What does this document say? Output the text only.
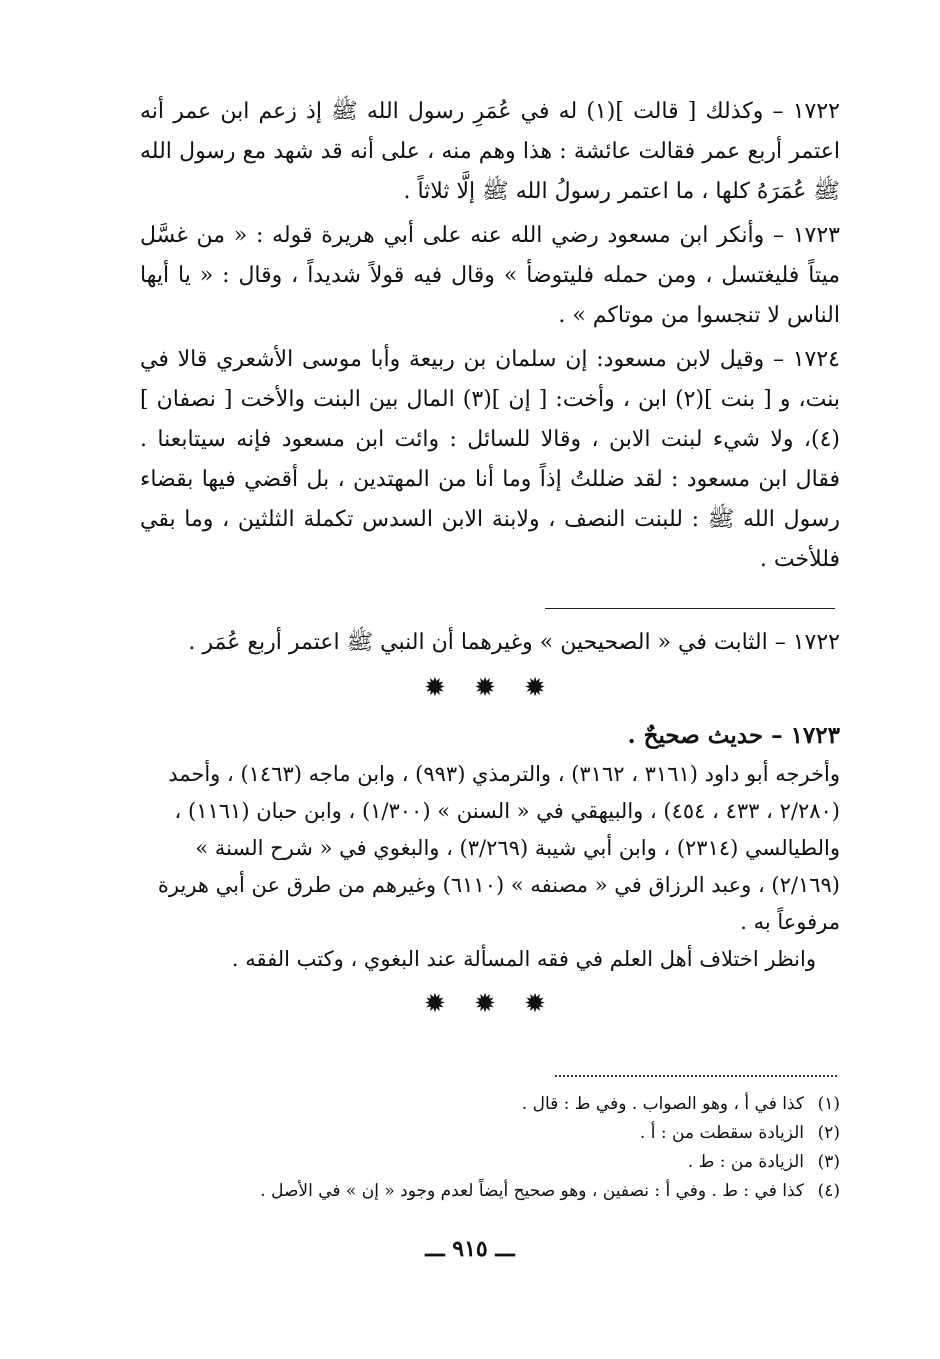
١٧٢٢ – وكذلك [ قالت ](١) له في عُمَرِ رسول الله ﷺ إذ زعم ابن عمر أنه اعتمر أربع عمر فقالت عائشة : هذا وهم منه ، على أنه قد شهد مع رسول الله ﷺ عُمَرَهُ كلها ، ما اعتمر رسولُ الله ﷺ إلَّا ثلاثاً .

١٧٢٣ – وأنكر ابن مسعود رضي الله عنه على أبي هريرة قوله : « من غسَّل ميتاً فليغتسل ، ومن حمله فليتوضأ » وقال فيه قولاً شديداً ، وقال : « يا أيها الناس لا تنجسوا من موتاكم » .

١٧٢٤ – وقيل لابن مسعود: إن سلمان بن ربيعة وأبا موسى الأشعري قالا في بنت، و [ بنت ](٢) ابن ، وأخت: [ إن ](٣) المال بين البنت والأخت [ نصفان ](٤)، ولا شيء لبنت الابن ، وقالا للسائل : وائت ابن مسعود فإنه سيتابعنا . فقال ابن مسعود : لقد ضللتُ إذاً وما أنا من المهتدين ، بل أقضي فيها بقضاء رسول الله ﷺ : للبنت النصف ، ولابنة الابن السدس تكملة الثلثين ، وما بقي فللأخت .

١٧٢٢ – الثابت في « الصحيحين » وغيرهما أن النبي ﷺ اعتمر أربع عُمَر .

✹ ✹ ✹
١٧٢٣ – حديث صحيحٌ .

وأخرجه أبو داود (٣١٦١ ، ٣١٦٢) ، والترمذي (٩٩٣) ، وابن ماجه (١٤٦٣) ، وأحمد (٢/٢٨٠ ، ٤٣٣ ، ٤٥٤) ، والبيهقي في « السنن » (١/٣٠٠) ، وابن حبان (١١٦١) ، والطيالسي (٢٣١٤) ، وابن أبي شيبة (٣/٢٦٩) ، والبغوي في « شرح السنة » (٢/١٦٩) ، وعبد الرزاق في « مصنفه » (٦١١٠) وغيرهم من طرق عن أبي هريرة مرفوعاً به .

وانظر اختلاف أهل العلم في فقه المسألة عند البغوي ، وكتب الفقه .

✹ ✹ ✹

(١)كذا في أ ، وهو الصواب . وفي ط : قال .

(٢)الزيادة سقطت من : أ .

(٣)الزيادة من : ط .

(٤)كذا في : ط . وفي أ : نصفين ، وهو صحيح أيضاً لعدم وجود « إن » في الأصل .

ـــ ٩١٥ ـــ
